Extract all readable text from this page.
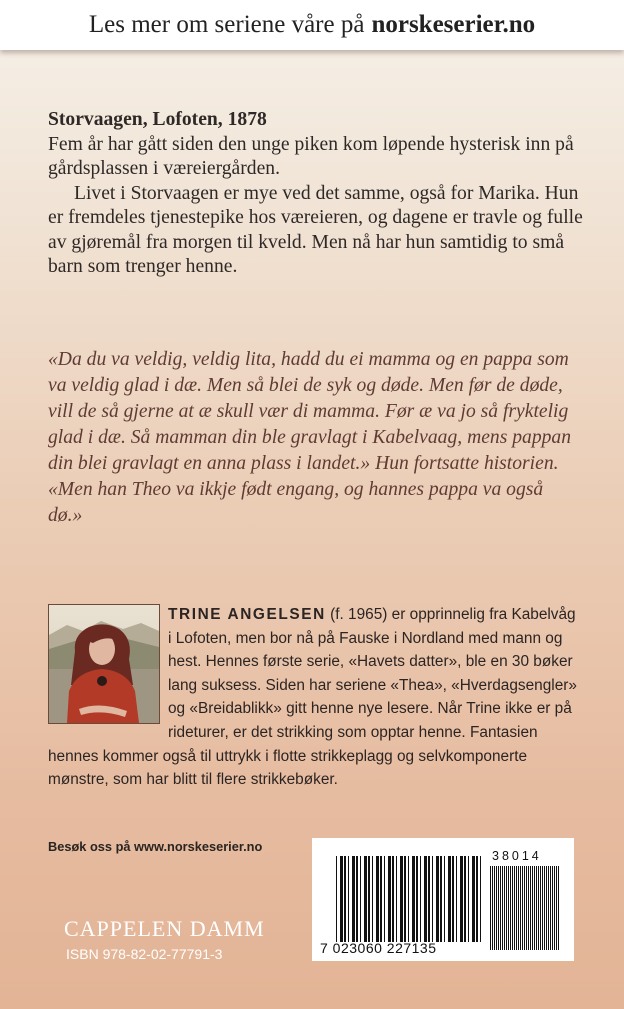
Les mer om seriene våre på norskeserier.no

Storvaagen, Lofoten, 1878

Fem år har gått siden den unge piken kom løpende hysterisk inn på gårdsplassen i væreiergården.

Livet i Storvaagen er mye ved det samme, også for Marika. Hun er fremdeles tjenestepike hos væreieren, og dagene er travle og fulle av gjøremål fra morgen til kveld. Men nå har hun samtidig to små barn som trenger henne.

«Da du va veldig, veldig lita, hadd du ei mamma og en pappa som va veldig glad i dæ. Men så blei de syk og døde. Men før de døde, vill de så gjerne at æ skull vær di mamma. Før æ va jo så fryktelig glad i dæ. Så mamman din ble gravlagt i Kabelvaag, mens pappan din blei gravlagt en anna plass i landet.» Hun fortsatte historien. «Men han Theo va ikkje født engang, og hannes pappa va også dø.»

TRINE ANGELSEN (f. 1965) er opprinnelig fra Kabelvåg i Lofoten, men bor nå på Fauske i Nordland med mann og hest. Hennes første serie, «Havets datter», ble en 30 bøker lang suksess. Siden har seriene «Thea», «Hverdagsengler» og «Breidablikk» gitt henne nye lesere. Når Trine ikke er på rideturer, er det strikking som opptar henne. Fantasien hennes kommer også til uttrykk i flotte strikkeplagg og selvkomponerte mønstre, som har blitt til flere strikkebøker.

Besøk oss på www.norskeserier.no
CAPPELEN DAMM
ISBN 978-82-02-77791-3
38014
7 023060 227135
